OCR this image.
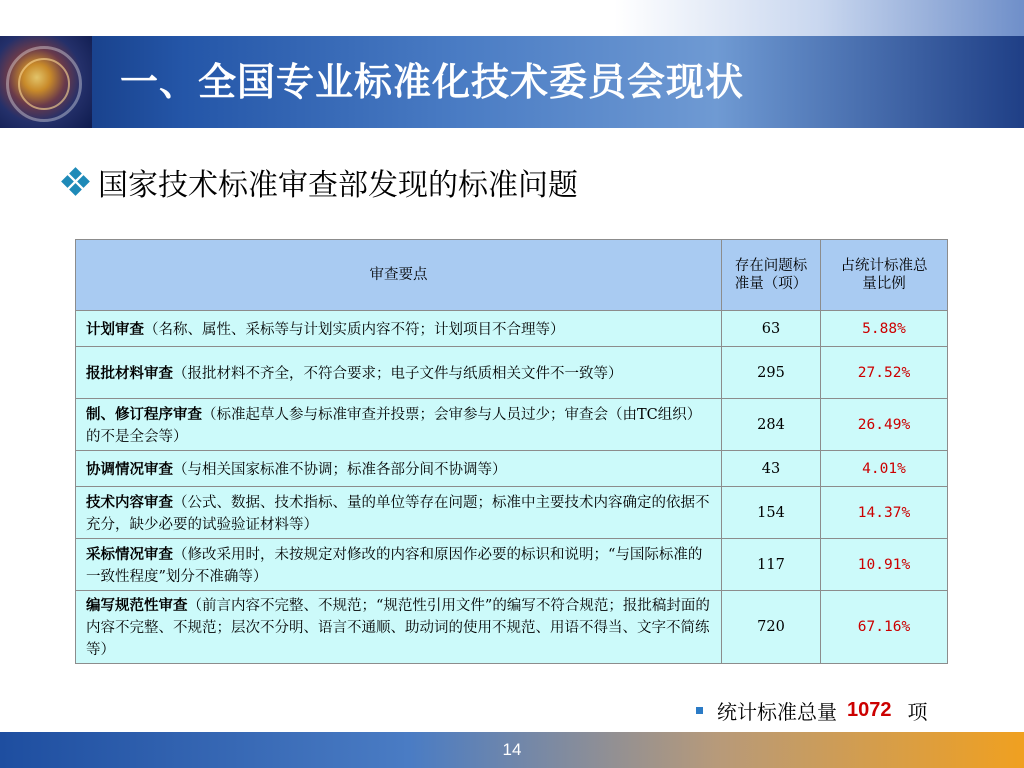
一、全国专业标准化技术委员会现状
国家技术标准审查部发现的标准问题
审查要点	存在问题标准量（项）	占统计标准总量比例
计划审查（名称、属性、采标等与计划实质内容不符；计划项目不合理等）	63	5.88%
报批材料审查（报批材料不齐全，不符合要求；电子文件与纸质相关文件不一致等）	295	27.52%
制、修订程序审查（标准起草人参与标准审查并投票；会审参与人员过少；审查会（由TC组织）的不是全会等）	284	26.49%
协调情况审查（与相关国家标准不协调；标准各部分间不协调等）	43	4.01%
技术内容审查（公式、数据、技术指标、量的单位等存在问题；标准中主要技术内容确定的依据不充分，缺少必要的试验验证材料等）	154	14.37%
采标情况审查（修改采用时，未按规定对修改的内容和原因作必要的标识和说明；“与国际标准的一致性程度”划分不准确等）	117	10.91%
编写规范性审查（前言内容不完整、不规范；“规范性引用文件”的编写不符合规范；报批稿封面的内容不完整、不规范；层次不分明、语言不通顺、助动词的使用不规范、用语不得当、文字不简练等）	720	67.16%
统计标准总量 1072 项
14
